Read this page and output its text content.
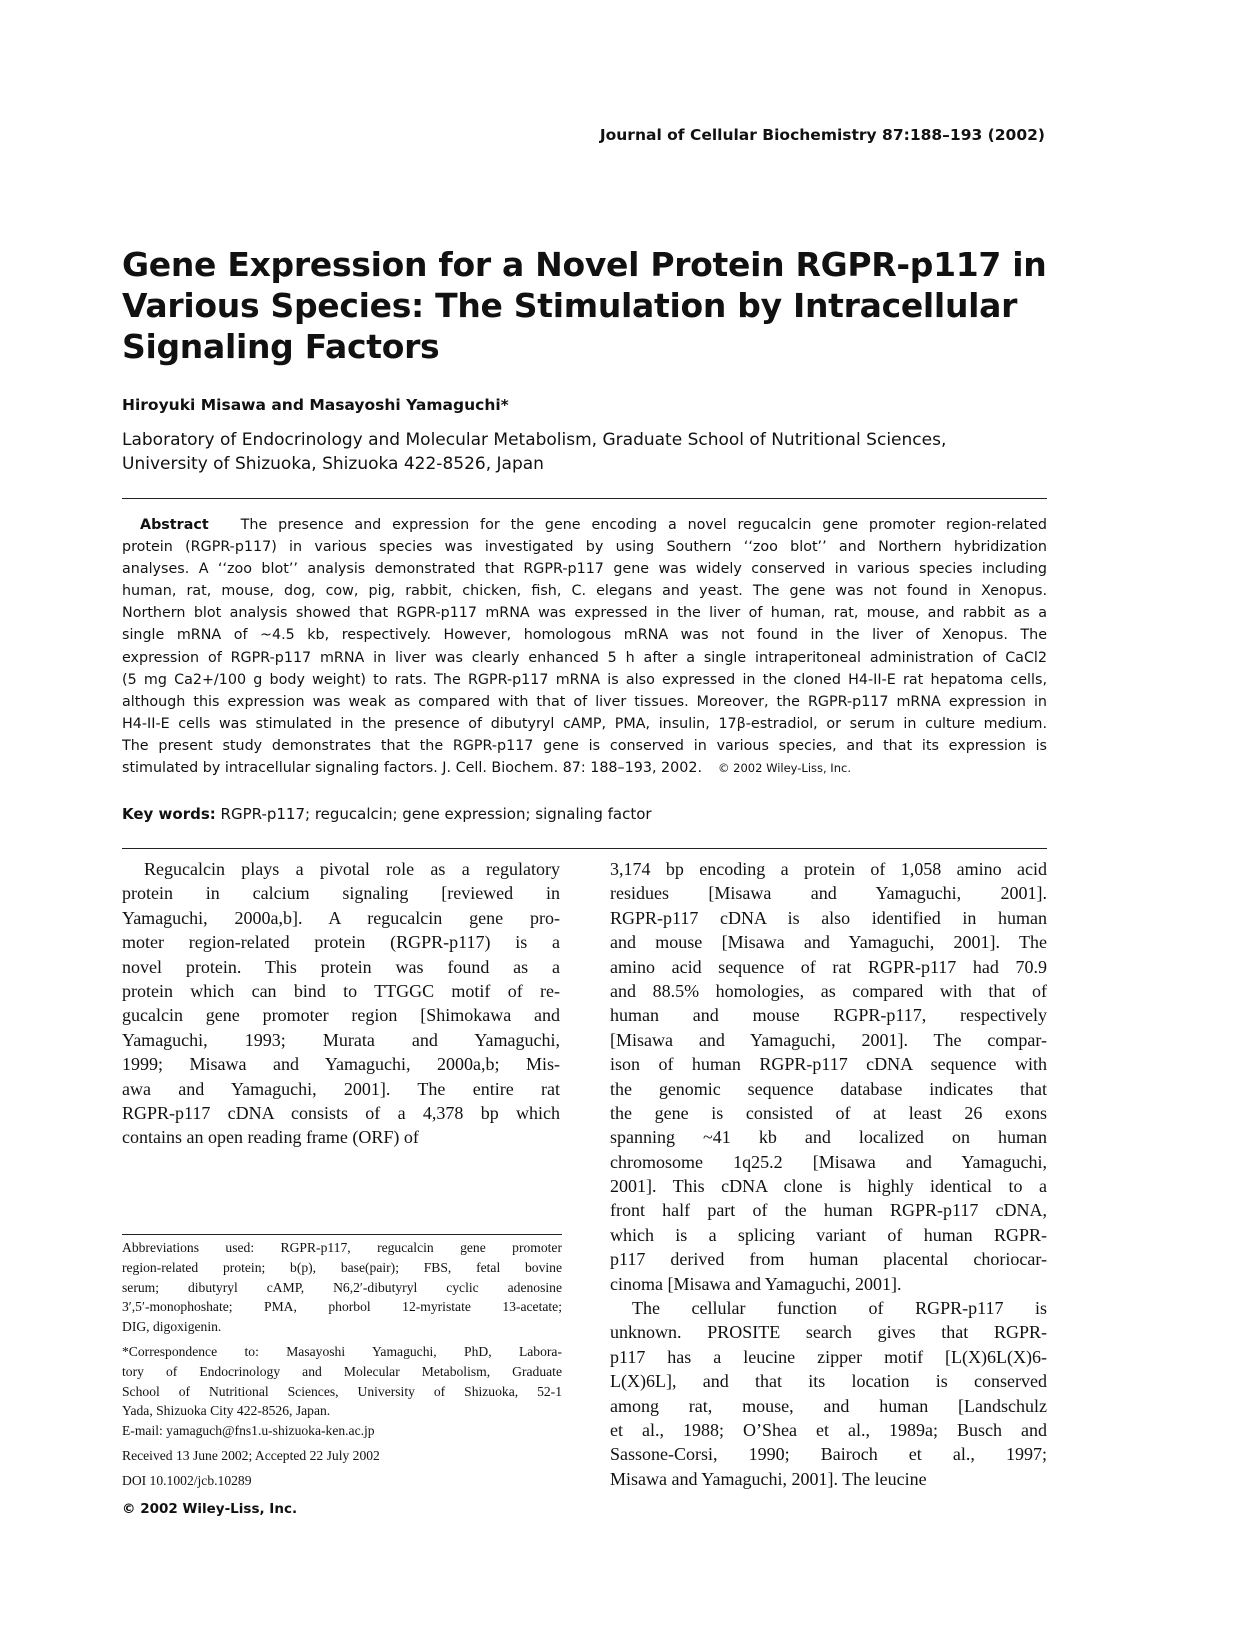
Journal of Cellular Biochemistry 87:188–193 (2002)
Gene Expression for a Novel Protein RGPR-p117 in
Various Species: The Stimulation by Intracellular
Signaling Factors
Hiroyuki Misawa and Masayoshi Yamaguchi*
Laboratory of Endocrinology and Molecular Metabolism, Graduate School of Nutritional Sciences,
University of Shizuoka, Shizuoka 422-8526, Japan
Abstract The presence and expression for the gene encoding a novel regucalcin gene promoter region-related
protein (RGPR-p117) in various species was investigated by using Southern ‘‘zoo blot’’ and Northern hybridization
analyses. A ‘‘zoo blot’’ analysis demonstrated that RGPR-p117 gene was widely conserved in various species including
human, rat, mouse, dog, cow, pig, rabbit, chicken, fish, C. elegans and yeast. The gene was not found in Xenopus.
Northern blot analysis showed that RGPR-p117 mRNA was expressed in the liver of human, rat, mouse, and rabbit as a
single mRNA of ~4.5 kb, respectively. However, homologous mRNA was not found in the liver of Xenopus. The
expression of RGPR-p117 mRNA in liver was clearly enhanced 5 h after a single intraperitoneal administration of CaCl2
(5 mg Ca2+/100 g body weight) to rats. The RGPR-p117 mRNA is also expressed in the cloned H4-II-E rat hepatoma cells,
although this expression was weak as compared with that of liver tissues. Moreover, the RGPR-p117 mRNA expression in
H4-II-E cells was stimulated in the presence of dibutyryl cAMP, PMA, insulin, 17β-estradiol, or serum in culture medium.
The present study demonstrates that the RGPR-p117 gene is conserved in various species, and that its expression is
stimulated by intracellular signaling factors. J. Cell. Biochem. 87: 188–193, 2002. © 2002 Wiley-Liss, Inc.
Key words: RGPR-p117; regucalcin; gene expression; signaling factor
Regucalcin plays a pivotal role as a regulatory
protein in calcium signaling [reviewed in
Yamaguchi, 2000a,b]. A regucalcin gene pro-
moter region-related protein (RGPR-p117) is a
novel protein. This protein was found as a
protein which can bind to TTGGC motif of re-
gucalcin gene promoter region [Shimokawa and
Yamaguchi, 1993; Murata and Yamaguchi,
1999; Misawa and Yamaguchi, 2000a,b; Mis-
awa and Yamaguchi, 2001]. The entire rat
RGPR-p117 cDNA consists of a 4,378 bp which
contains an open reading frame (ORF) of
3,174 bp encoding a protein of 1,058 amino acid
residues [Misawa and Yamaguchi, 2001].
RGPR-p117 cDNA is also identified in human
and mouse [Misawa and Yamaguchi, 2001]. The
amino acid sequence of rat RGPR-p117 had 70.9
and 88.5% homologies, as compared with that of
human and mouse RGPR-p117, respectively
[Misawa and Yamaguchi, 2001]. The compar-
ison of human RGPR-p117 cDNA sequence with
the genomic sequence database indicates that
the gene is consisted of at least 26 exons
spanning ~41 kb and localized on human
chromosome 1q25.2 [Misawa and Yamaguchi,
2001]. This cDNA clone is highly identical to a
front half part of the human RGPR-p117 cDNA,
which is a splicing variant of human RGPR-
p117 derived from human placental choriocar-
cinoma [Misawa and Yamaguchi, 2001].
The cellular function of RGPR-p117 is
unknown. PROSITE search gives that RGPR-
p117 has a leucine zipper motif [L(X)6L(X)6-
L(X)6L], and that its location is conserved
among rat, mouse, and human [Landschulz
et al., 1988; O’Shea et al., 1989a; Busch and
Sassone-Corsi, 1990; Bairoch et al., 1997;
Misawa and Yamaguchi, 2001]. The leucine
Abbreviations used: RGPR-p117, regucalcin gene promoter
region-related protein; b(p), base(pair); FBS, fetal bovine
serum; dibutyryl cAMP, N6,2′-dibutyryl cyclic adenosine
3′,5′-monophoshate; PMA, phorbol 12-myristate 13-acetate;
DIG, digoxigenin.
*Correspondence to: Masayoshi Yamaguchi, PhD, Labora-
tory of Endocrinology and Molecular Metabolism, Graduate
School of Nutritional Sciences, University of Shizuoka, 52-1
Yada, Shizuoka City 422-8526, Japan.
E-mail: yamaguch@fns1.u-shizuoka-ken.ac.jp
Received 13 June 2002; Accepted 22 July 2002
DOI 10.1002/jcb.10289
© 2002 Wiley-Liss, Inc.
